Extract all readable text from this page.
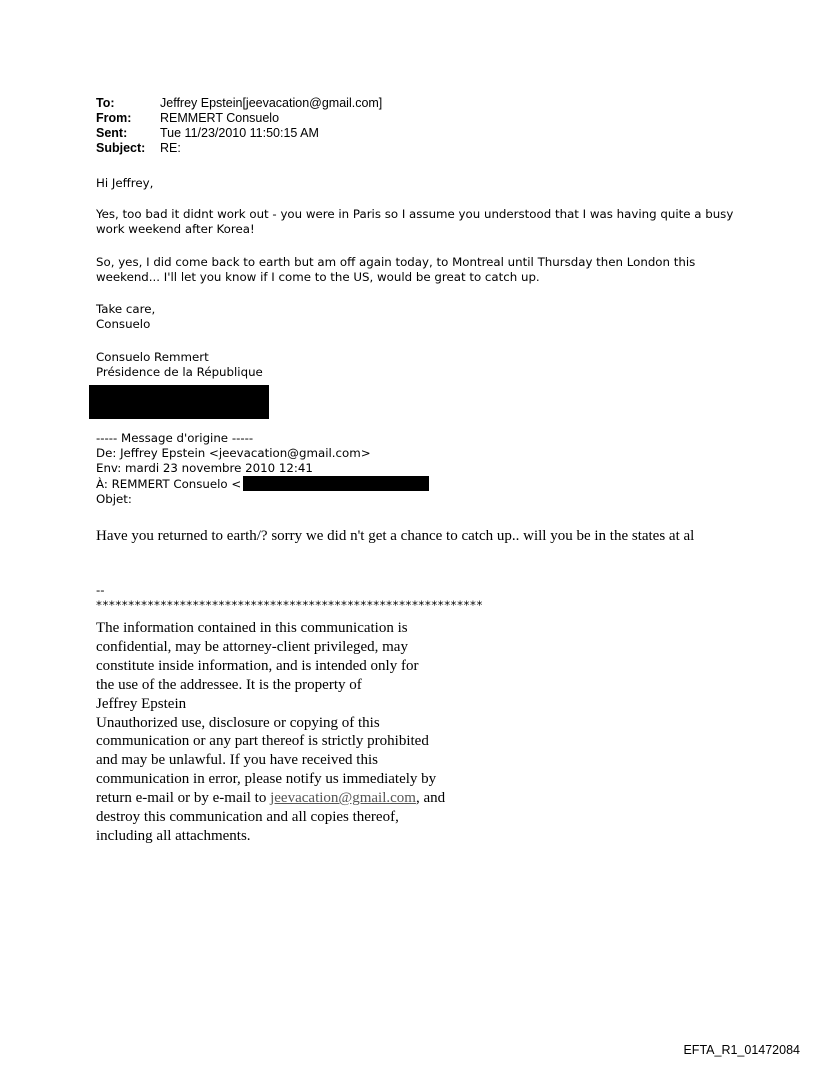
To:	Jeffrey Epstein[jeevacation@gmail.com]
From:	REMMERT Consuelo
Sent:	Tue 11/23/2010 11:50:15 AM
Subject:	RE:
Hi Jeffrey,
Yes, too bad it didnt work out - you were in Paris so I assume you understood that I was having quite a busy work weekend after Korea!
So, yes, I did come back to earth but am off again today, to Montreal until Thursday then London this weekend... I'll let you know if I come to the US, would be great to catch up.
Take care,
Consuelo
Consuelo Remmert
Présidence de la République
----- Message d'origine -----
De: Jeffrey Epstein <jeevacation@gmail.com>
Env: mardi 23 novembre 2010 12:41
À: REMMERT Consuelo <
Objet:
Have you returned to earth/? sorry we did n't get a chance to catch up.. will you be in the states at al
--
************************************************************
The information contained in this communication is
confidential, may be attorney-client privileged, may
constitute inside information, and is intended only for
the use of the addressee. It is the property of
Jeffrey Epstein
Unauthorized use, disclosure or copying of this
communication or any part thereof is strictly prohibited
and may be unlawful. If you have received this
communication in error, please notify us immediately by
return e-mail or by e-mail to jeevacation@gmail.com, and
destroy this communication and all copies thereof,
including all attachments.
EFTA_R1_01472084
